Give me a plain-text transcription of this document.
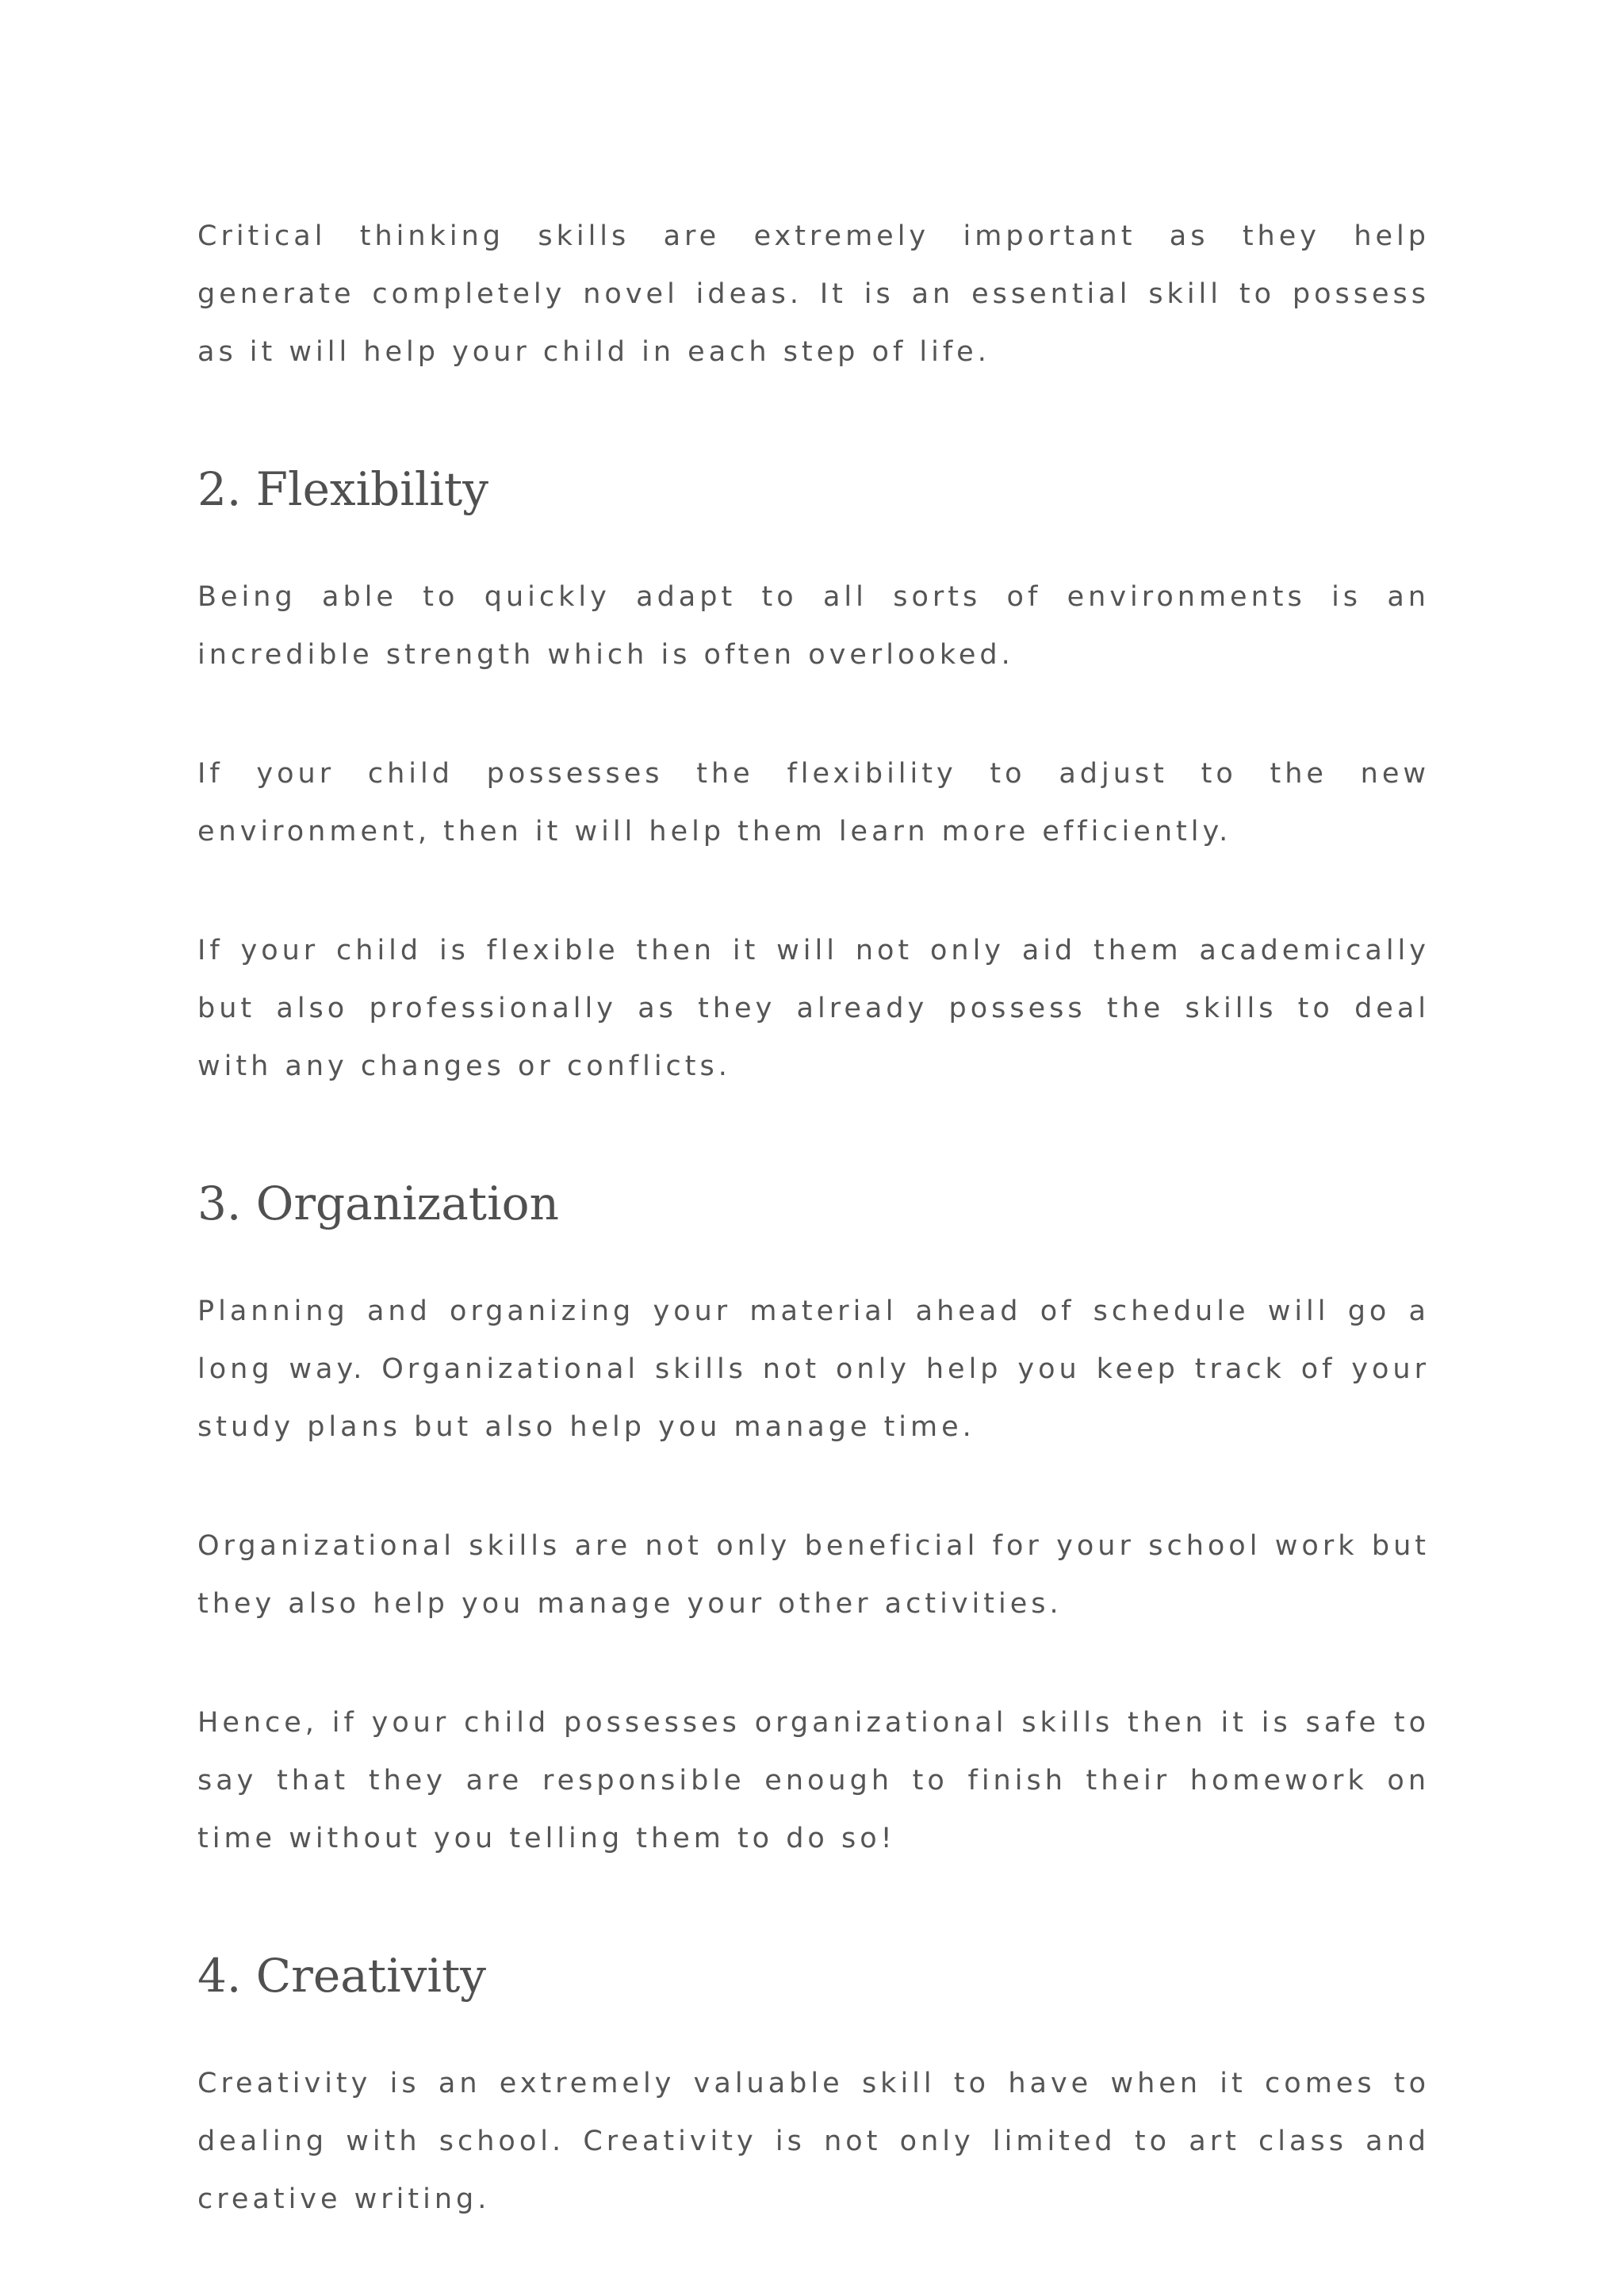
Critical thinking skills are extremely important as they help generate completely novel ideas. It is an essential skill to possess as it will help your child in each step of life.

2. Flexibility

Being able to quickly adapt to all sorts of environments is an incredible strength which is often overlooked.

If your child possesses the flexibility to adjust to the new environment, then it will help them learn more efficiently.

If your child is flexible then it will not only aid them academically but also professionally as they already possess the skills to deal with any changes or conflicts.

3. Organization

Planning and organizing your material ahead of schedule will go a long way. Organizational skills not only help you keep track of your study plans but also help you manage time.

Organizational skills are not only beneficial for your school work but they also help you manage your other activities.

Hence, if your child possesses organizational skills then it is safe to say that they are responsible enough to finish their homework on time without you telling them to do so!

4. Creativity

Creativity is an extremely valuable skill to have when it comes to dealing with school. Creativity is not only limited to art class and creative writing.
